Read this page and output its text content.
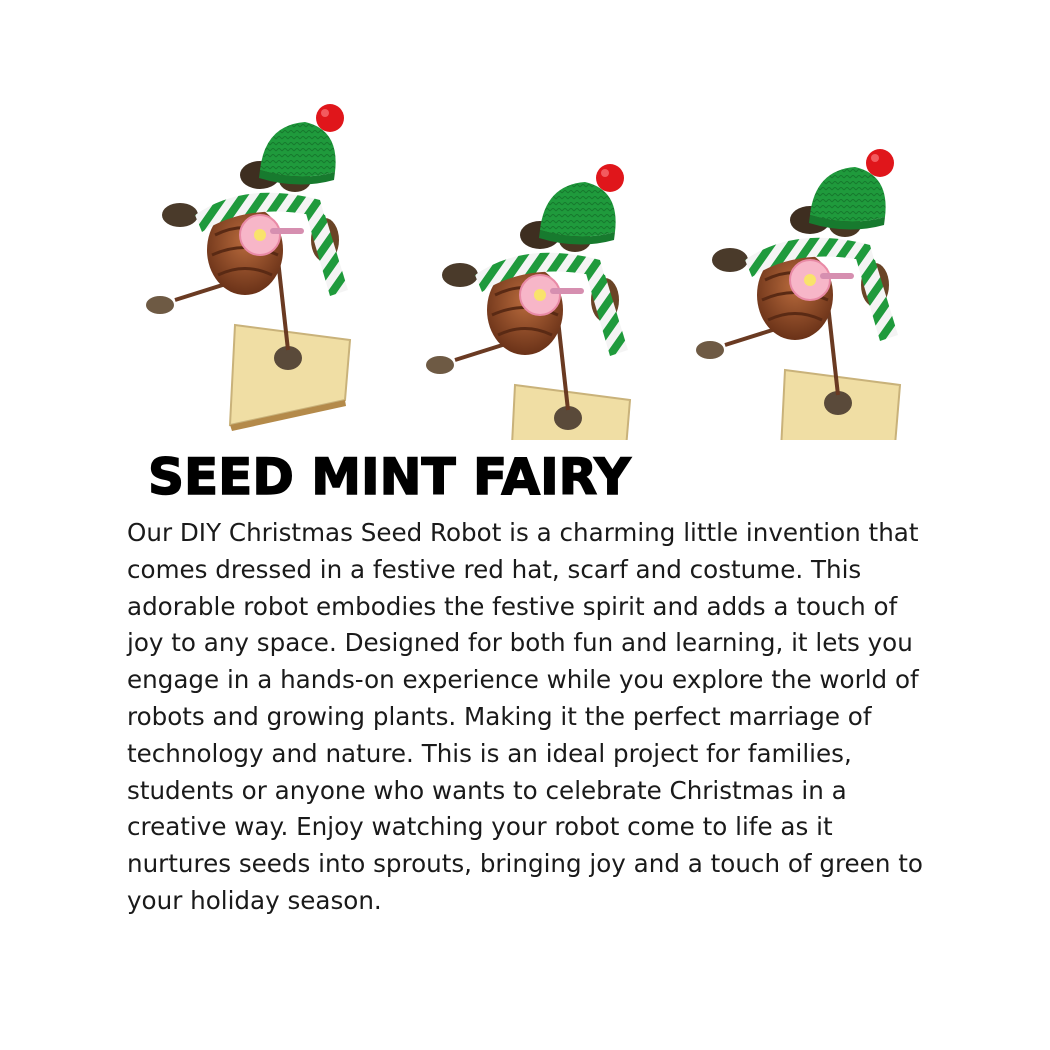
SEED MINT FAIRY

Our DIY Christmas Seed Robot is a charming little invention that comes dressed in a festive red hat, scarf and costume. This adorable robot embodies the festive spirit and adds a touch of joy to any space. Designed for both fun and learning, it lets you engage in a hands-on experience while you explore the world of robots and growing plants. Making it the perfect marriage of technology and nature. This is an ideal project for families, students or anyone who wants to celebrate Christmas in a creative way. Enjoy watching your robot come to life as it nurtures seeds into sprouts, bringing joy and a touch of green to your holiday season.
